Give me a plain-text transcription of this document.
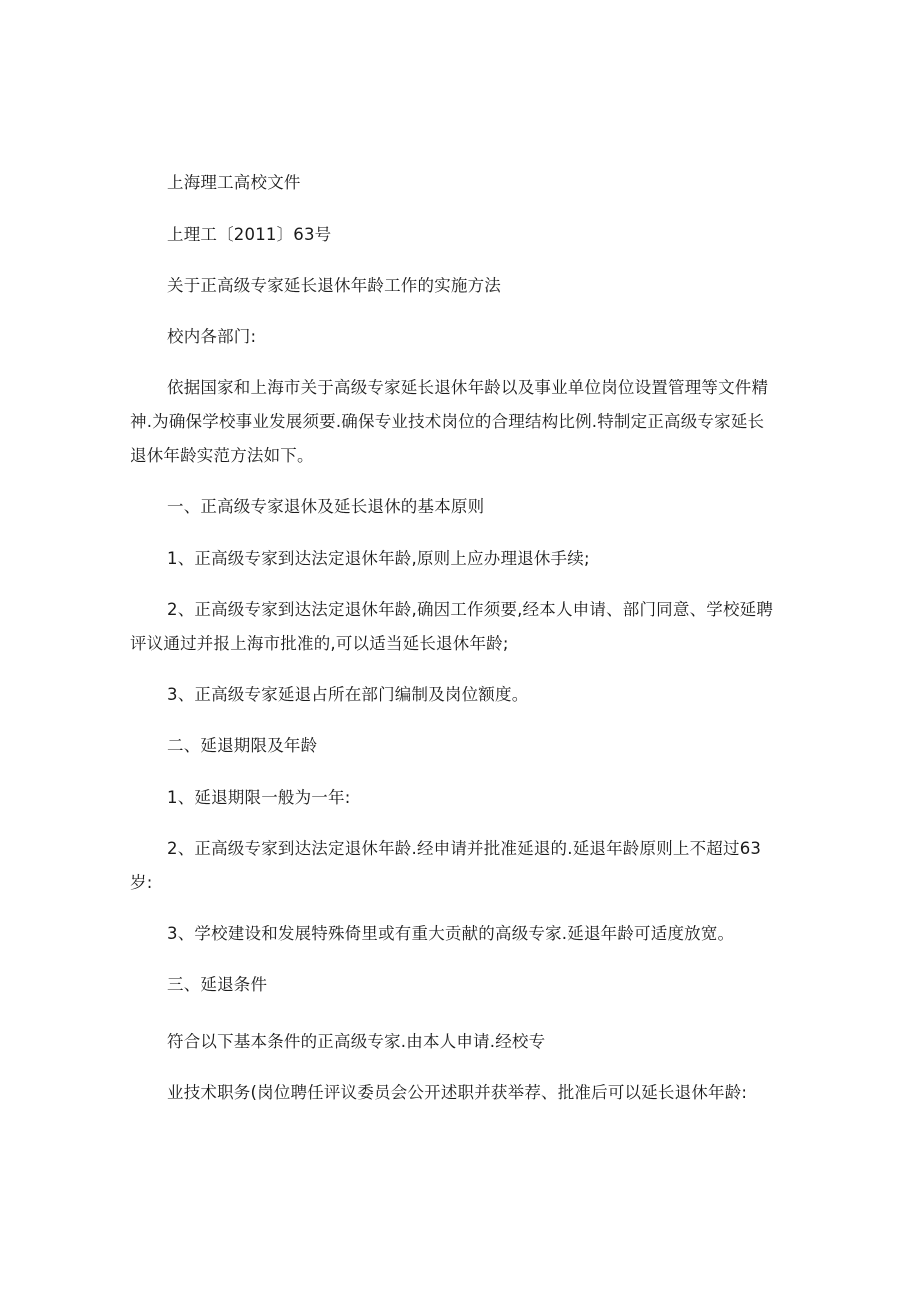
上海理工高校文件
上理工〔2011〕63号
关于正高级专家延长退休年龄工作的实施方法
校内各部门:
依据国家和上海市关于高级专家延长退休年龄以及事业单位岗位设置管理等文件精
神.为确保学校事业发展须要.确保专业技术岗位的合理结构比例.特制定正高级专家延长
退休年龄实范方法如下。
一、正高级专家退休及延长退休的基本原则
1、正高级专家到达法定退休年龄,原则上应办理退休手续;
2、正高级专家到达法定退休年龄,确因工作须要,经本人申请、部门同意、学校延聘
评议通过并报上海市批准的,可以适当延长退休年龄;
3、正高级专家延退占所在部门编制及岗位额度。
二、延退期限及年龄
1、延退期限一般为一年:
2、正高级专家到达法定退休年龄.经申请并批准延退的.延退年龄原则上不超过63
岁:
3、学校建设和发展特殊倚里或有重大贡献的高级专家.延退年龄可适度放宽。
三、延退条件
符合以下基本条件的正高级专家.由本人申请.经校专
业技术职务(岗位聘任评议委员会公开述职并获举荐、批准后可以延长退休年龄:
